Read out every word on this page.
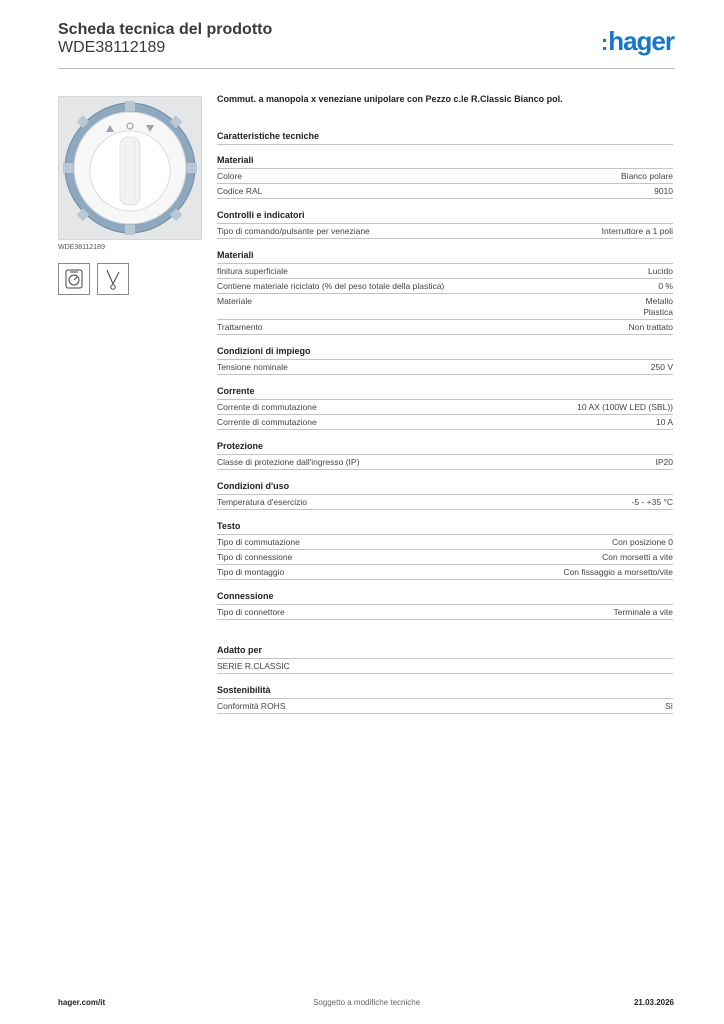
Scheda tecnica del prodotto
WDE38112189	:hager
WDE38112189
Commut. a manopola x veneziane unipolare con Pezzo c.le R.Classic Bianco pol.
Caratteristiche tecniche
Materiali
Colore	Bianco polare
Codice RAL	9010
Controlli e indicatori
Tipo di comando/pulsante per veneziane	Interruttore a 1 poli
Materiali
finitura superficiale	Lucido
Contiene materiale riciclato (% del peso totale della plastica)	0 %
Materiale	Metallo
Plastica
Trattamento	Non trattato
Condizioni di impiego
Tensione nominale	250 V
Corrente
Corrente di commutazione	10 AX (100W LED (SBL))
Corrente di commutazione	10 A
Protezione
Classe di protezione dall'ingresso (IP)	IP20
Condizioni d'uso
Temperatura d'esercizio	-5 - +35 °C
Testo
Tipo di commutazione	Con posizione 0
Tipo di connessione	Con morsetti a vite
Tipo di montaggio	Con fissaggio a morsetto/vite
Connessione
Tipo di connettore	Terminale a vite
Adatto per
SERIE R.CLASSIC
Sostenibilità
Conformità ROHS	Sì
hager.com/it	Soggetto a modifiche tecniche	21.03.2026
